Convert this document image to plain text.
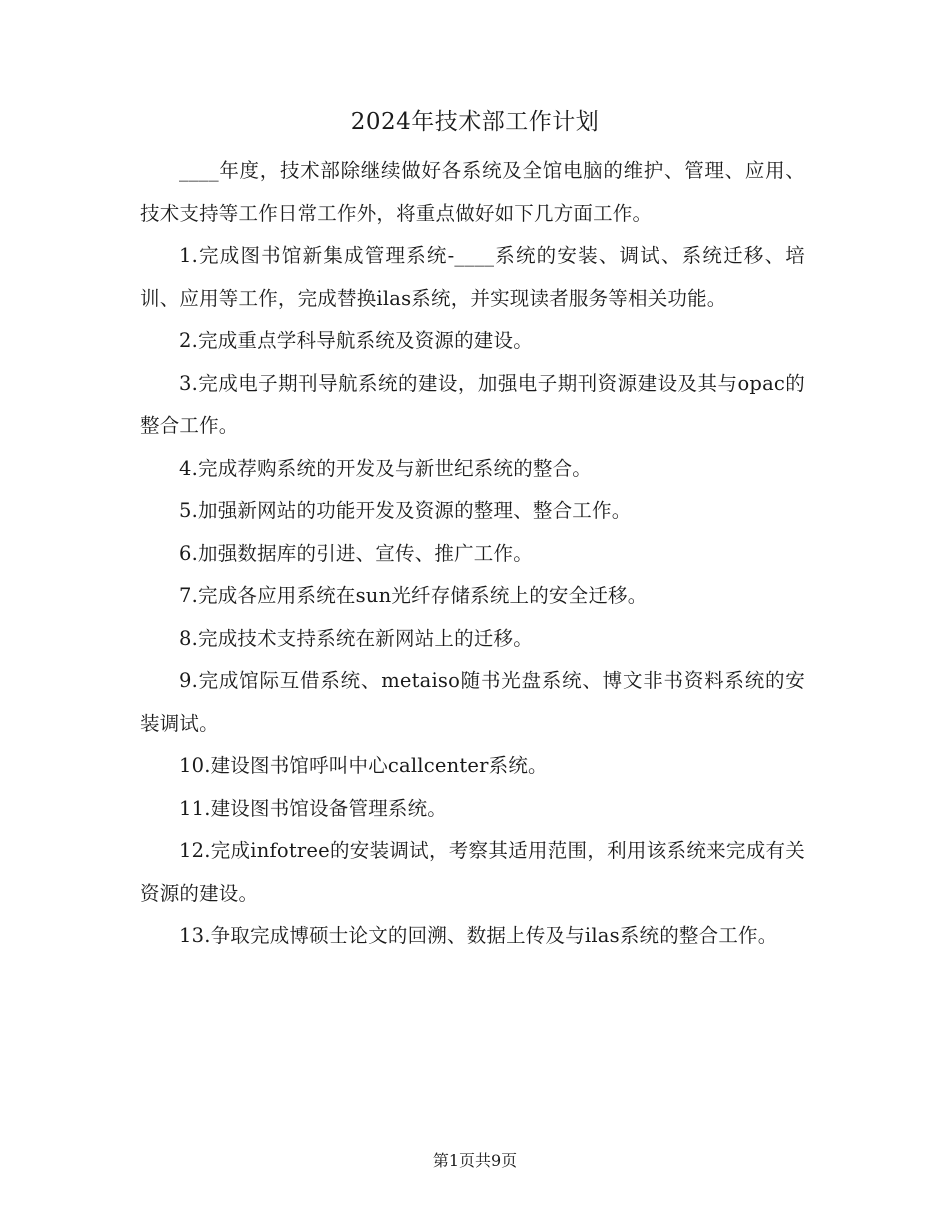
2024年技术部工作计划

____年度，技术部除继续做好各系统及全馆电脑的维护、管理、应用、技术支持等工作日常工作外，将重点做好如下几方面工作。

1.完成图书馆新集成管理系统-____系统的安装、调试、系统迁移、培训、应用等工作，完成替换ilas系统，并实现读者服务等相关功能。

2.完成重点学科导航系统及资源的建设。

3.完成电子期刊导航系统的建设，加强电子期刊资源建设及其与opac的整合工作。

4.完成荐购系统的开发及与新世纪系统的整合。

5.加强新网站的功能开发及资源的整理、整合工作。

6.加强数据库的引进、宣传、推广工作。

7.完成各应用系统在sun光纤存储系统上的安全迁移。

8.完成技术支持系统在新网站上的迁移。

9.完成馆际互借系统、metaiso随书光盘系统、博文非书资料系统的安装调试。

10.建设图书馆呼叫中心callcenter系统。

11.建设图书馆设备管理系统。

12.完成infotree的安装调试，考察其适用范围，利用该系统来完成有关资源的建设。

13.争取完成博硕士论文的回溯、数据上传及与ilas系统的整合工作。

第1页共9页
